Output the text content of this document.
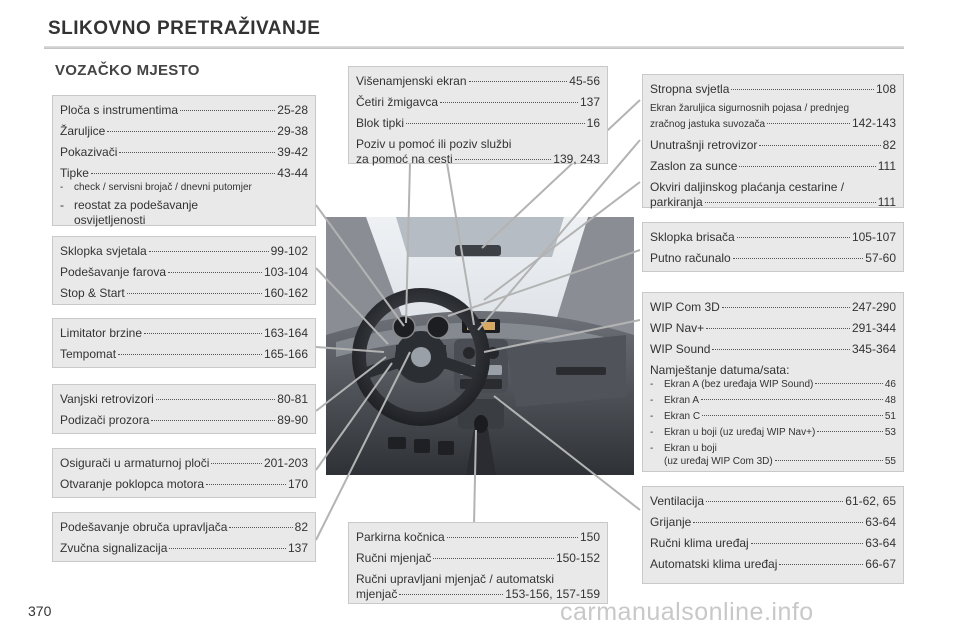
SLIKOVNO PRETRAŽIVANJE
VOZAČKO MJESTO
Ploča s instrumentima	25-28
Žaruljice	29-38
Pokazivači	39-42
Tipke	43-44
-	check / servisni brojač / dnevni putomjer
- reostat za podešavanje
osvijetljenosti
Sklopka svjetala	99-102
Podešavanje farova	103-104
Stop & Start	160-162
Limitator brzine	163-164
Tempomat	165-166
Vanjski retrovizori	80-81
Podizači prozora	89-90
Osigurači u armaturnoj ploči	201-203
Otvaranje poklopca motora	170
Podešavanje obruča upravljača	82
Zvučna signalizacija	137
Višenamjenski ekran	45-56
Četiri žmigavca	137
Blok tipki	16
Poziv u pomoć ili poziv službi
za pomoć na cesti	139, 243
Parkirna kočnica	150
Ručni mjenjač	150-152
Ručni upravljani mjenjač / automatski
mjenjač	153-156, 157-159
Stropna svjetla	108
Ekran žaruljica sigurnosnih pojasa / prednjeg
zračnog jastuka suvozača	142-143
Unutrašnji retrovizor	82
Zaslon za sunce	111
Okviri daljinskog plaćanja cestarine /
parkiranja	111
Sklopka brisača	105-107
Putno računalo	57-60
WIP Com 3D	247-290
WIP Nav+	291-344
WIP Sound	345-364
Namještanje datuma/sata:
-	Ekran A (bez uređaja WIP Sound)	46
-	Ekran A	48
-	Ekran C	51
-	Ekran u boji (uz uređaj WIP Nav+)	53
-	Ekran u boji
(uz uređaj WIP Com 3D)	55
Ventilacija	61-62, 65
Grijanje	63-64
Ručni klima uređaj	63-64
Automatski klima uređaj	66-67
370	carmanualsonline.info
